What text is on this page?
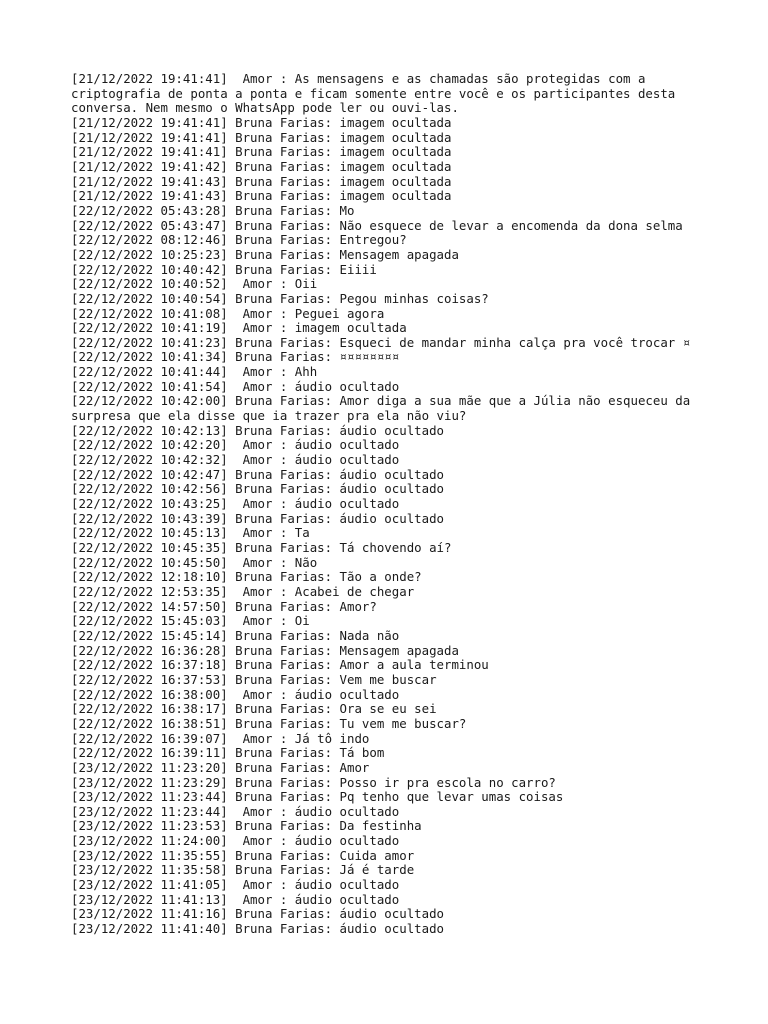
[21/12/2022 19:41:41]  Amor : As mensagens e as chamadas são protegidas com a
criptografia de ponta a ponta e ficam somente entre você e os participantes desta
conversa. Nem mesmo o WhatsApp pode ler ou ouvi-las.
[21/12/2022 19:41:41] Bruna Farias: imagem ocultada
[21/12/2022 19:41:41] Bruna Farias: imagem ocultada
[21/12/2022 19:41:41] Bruna Farias: imagem ocultada
[21/12/2022 19:41:42] Bruna Farias: imagem ocultada
[21/12/2022 19:41:43] Bruna Farias: imagem ocultada
[21/12/2022 19:41:43] Bruna Farias: imagem ocultada
[22/12/2022 05:43:28] Bruna Farias: Mo
[22/12/2022 05:43:47] Bruna Farias: Não esquece de levar a encomenda da dona selma
[22/12/2022 08:12:46] Bruna Farias: Entregou?
[22/12/2022 10:25:23] Bruna Farias: Mensagem apagada
[22/12/2022 10:40:42] Bruna Farias: Eiiii
[22/12/2022 10:40:52]  Amor : Oii
[22/12/2022 10:40:54] Bruna Farias: Pegou minhas coisas?
[22/12/2022 10:41:08]  Amor : Peguei agora
[22/12/2022 10:41:19]  Amor : imagem ocultada
[22/12/2022 10:41:23] Bruna Farias: Esqueci de mandar minha calça pra você trocar ¤
[22/12/2022 10:41:34] Bruna Farias: ¤¤¤¤¤¤¤¤
[22/12/2022 10:41:44]  Amor : Ahh
[22/12/2022 10:41:54]  Amor : áudio ocultado
[22/12/2022 10:42:00] Bruna Farias: Amor diga a sua mãe que a Júlia não esqueceu da
surpresa que ela disse que ia trazer pra ela não viu?
[22/12/2022 10:42:13] Bruna Farias: áudio ocultado
[22/12/2022 10:42:20]  Amor : áudio ocultado
[22/12/2022 10:42:32]  Amor : áudio ocultado
[22/12/2022 10:42:47] Bruna Farias: áudio ocultado
[22/12/2022 10:42:56] Bruna Farias: áudio ocultado
[22/12/2022 10:43:25]  Amor : áudio ocultado
[22/12/2022 10:43:39] Bruna Farias: áudio ocultado
[22/12/2022 10:45:13]  Amor : Ta
[22/12/2022 10:45:35] Bruna Farias: Tá chovendo aí?
[22/12/2022 10:45:50]  Amor : Não
[22/12/2022 12:18:10] Bruna Farias: Tão a onde?
[22/12/2022 12:53:35]  Amor : Acabei de chegar
[22/12/2022 14:57:50] Bruna Farias: Amor?
[22/12/2022 15:45:03]  Amor : Oi
[22/12/2022 15:45:14] Bruna Farias: Nada não
[22/12/2022 16:36:28] Bruna Farias: Mensagem apagada
[22/12/2022 16:37:18] Bruna Farias: Amor a aula terminou
[22/12/2022 16:37:53] Bruna Farias: Vem me buscar
[22/12/2022 16:38:00]  Amor : áudio ocultado
[22/12/2022 16:38:17] Bruna Farias: Ora se eu sei
[22/12/2022 16:38:51] Bruna Farias: Tu vem me buscar?
[22/12/2022 16:39:07]  Amor : Já tô indo
[22/12/2022 16:39:11] Bruna Farias: Tá bom
[23/12/2022 11:23:20] Bruna Farias: Amor
[23/12/2022 11:23:29] Bruna Farias: Posso ir pra escola no carro?
[23/12/2022 11:23:44] Bruna Farias: Pq tenho que levar umas coisas
[23/12/2022 11:23:44]  Amor : áudio ocultado
[23/12/2022 11:23:53] Bruna Farias: Da festinha
[23/12/2022 11:24:00]  Amor : áudio ocultado
[23/12/2022 11:35:55] Bruna Farias: Cuida amor
[23/12/2022 11:35:58] Bruna Farias: Já é tarde
[23/12/2022 11:41:05]  Amor : áudio ocultado
[23/12/2022 11:41:13]  Amor : áudio ocultado
[23/12/2022 11:41:16] Bruna Farias: áudio ocultado
[23/12/2022 11:41:40] Bruna Farias: áudio ocultado
